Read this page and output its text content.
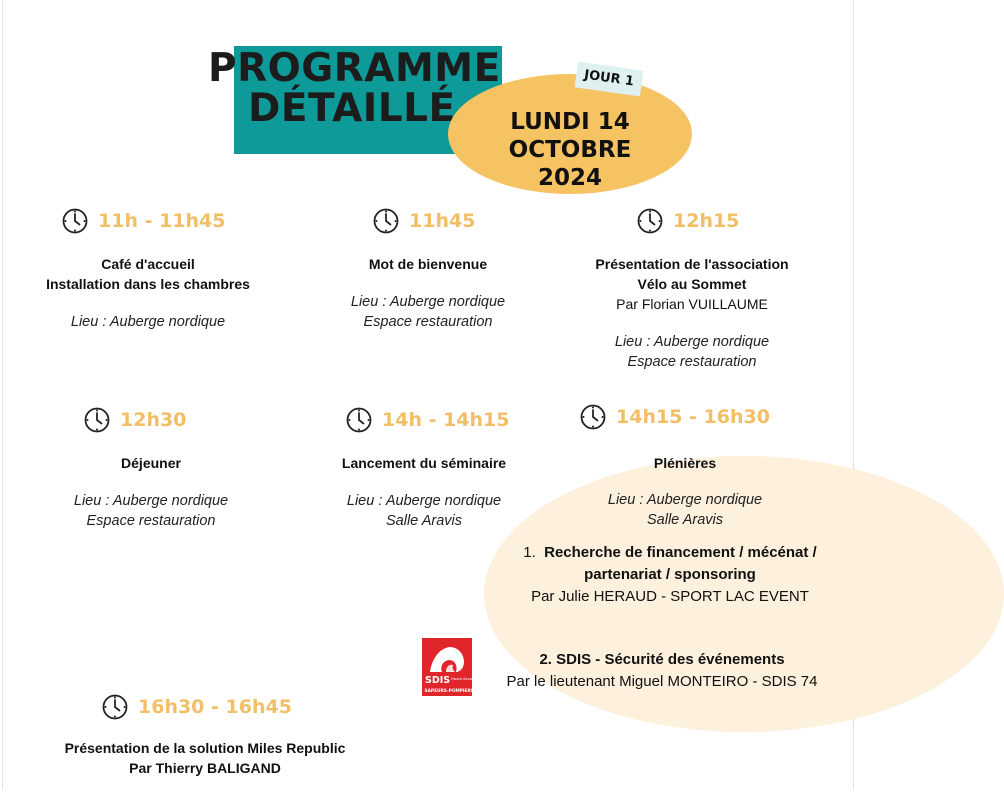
PROGRAMME
DÉTAILLÉ
JOUR 1
LUNDI 14 OCTOBRE
2024
11h - 11h45
Café d'accueil
Installation dans les chambres
Lieu : Auberge nordique
11h45
Mot de bienvenue
Lieu : Auberge nordique
Espace restauration
12h15
Présentation de l'association
Vélo au Sommet
Par Florian VUILLAUME
Lieu : Auberge nordique
Espace restauration
12h30
Déjeuner
Lieu : Auberge nordique
Espace restauration
14h - 14h15
Lancement du séminaire
Lieu : Auberge nordique
Salle Aravis
14h15 - 16h30
Plénières
Lieu : Auberge nordique
Salle Aravis
1. Recherche de financement / mécénat /
partenariat / sponsoring
Par Julie HERAUD - SPORT LAC EVENT
2. SDIS - Sécurité des événements
Par le lieutenant Miguel MONTEIRO - SDIS 74
SDIS Haute-Savoie
SAPEURS-POMPIERS
16h30 - 16h45
Présentation de la solution Miles Republic
Par Thierry BALIGAND
